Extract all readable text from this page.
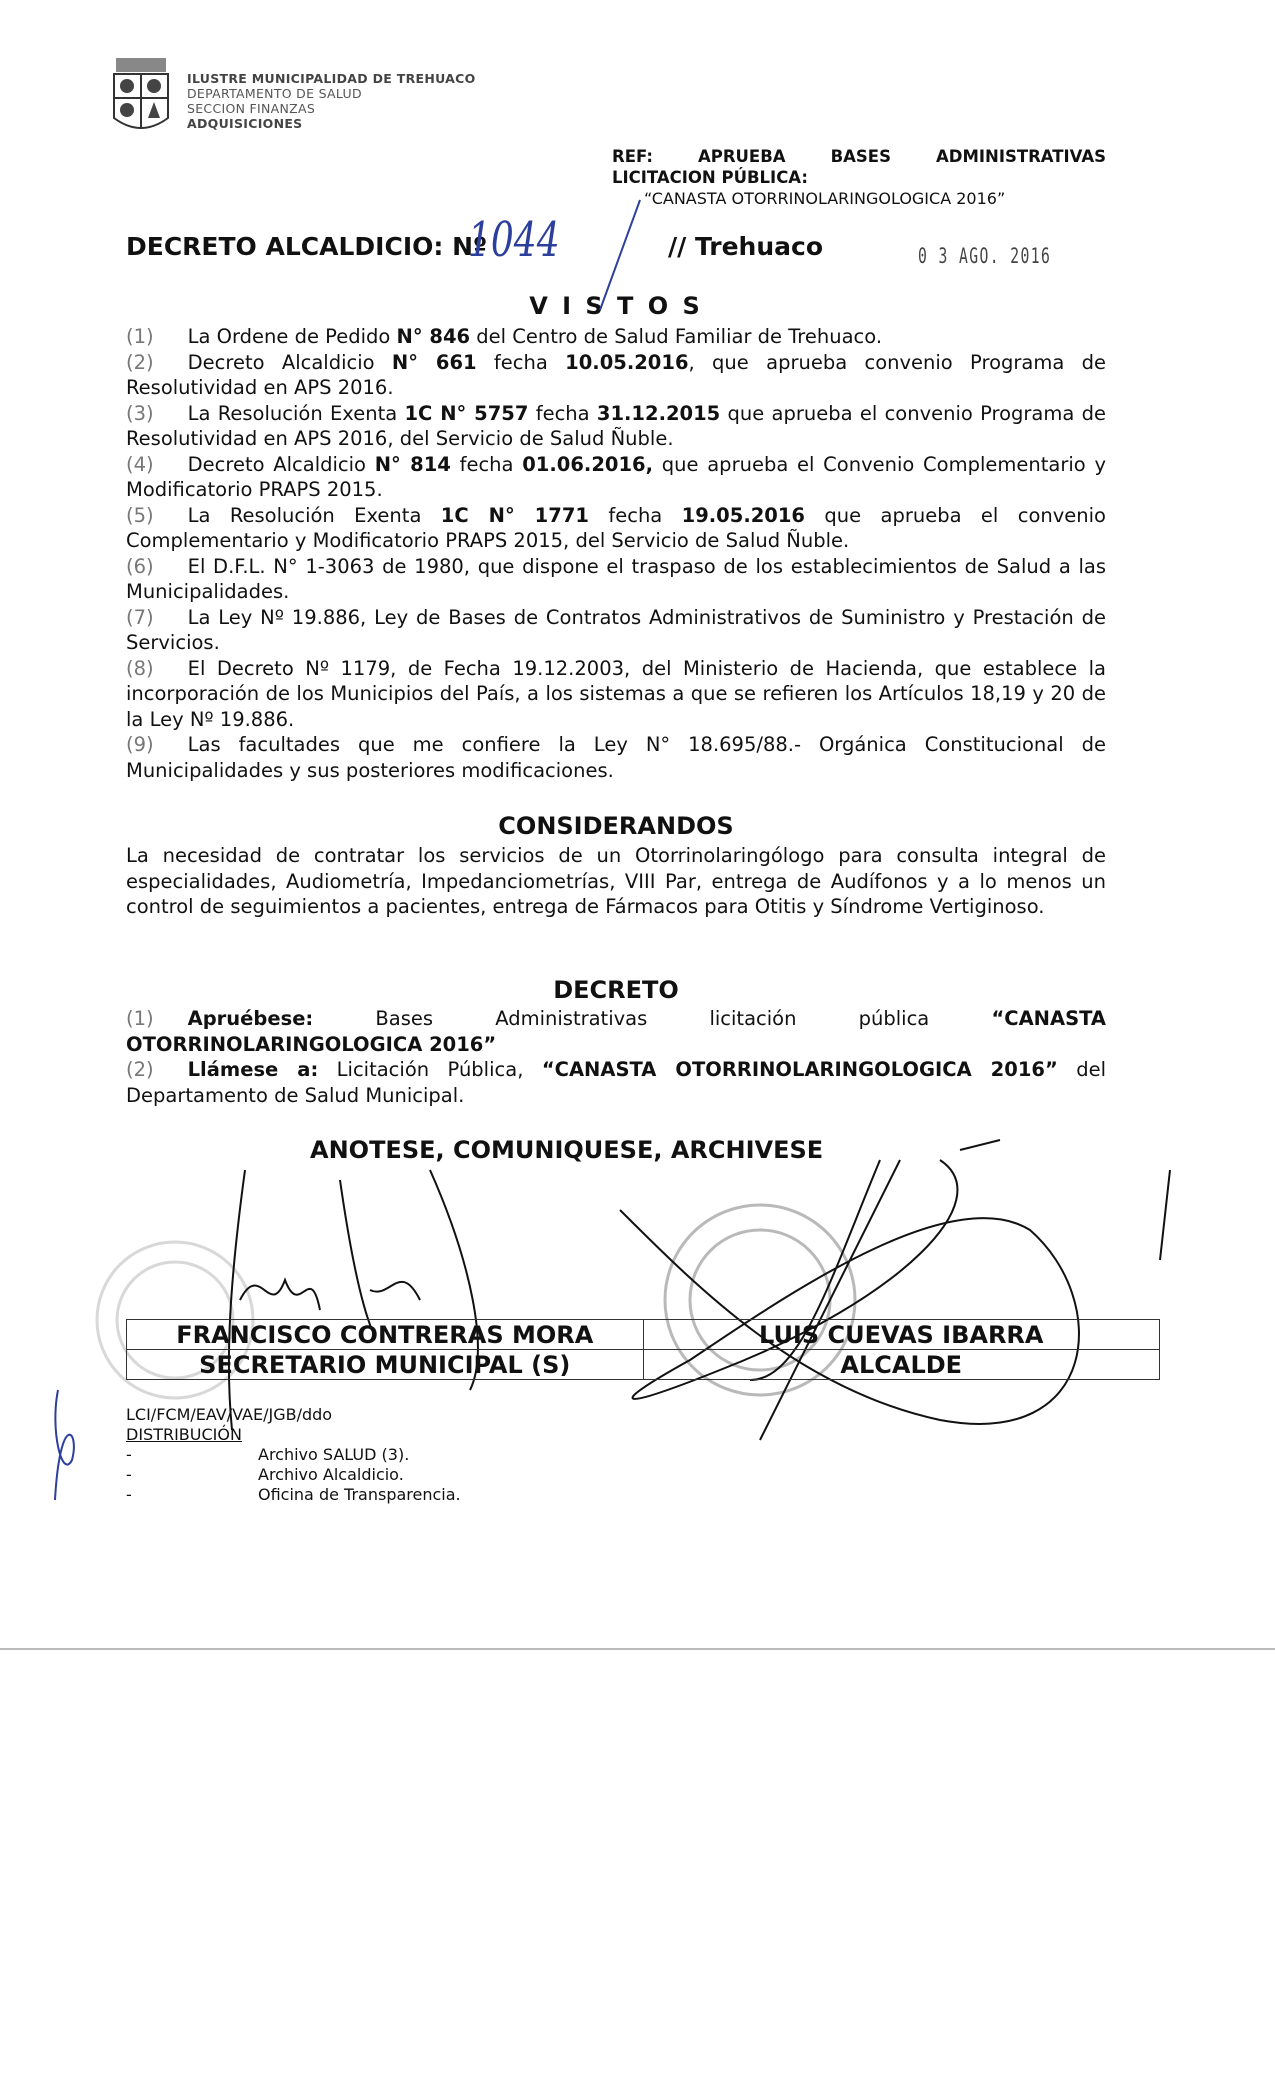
ILUSTRE MUNICIPALIDAD DE TREHUACO
DEPARTAMENTO DE SALUD
SECCION FINANZAS
ADQUISICIONES
REF:	APRUEBA	BASES	ADMINISTRATIVAS
LICITACION PÚBLICA:
“CANASTA OTORRINOLARINGOLOGICA 2016”
DECRETO ALCALDICIO: Nº
1044	// Trehuaco	0 3 AGO. 2016
V I S T O S

(1) La Ordene de Pedido N° 846 del Centro de Salud Familiar de Trehuaco.

(2) Decreto Alcaldicio N° 661 fecha 10.05.2016, que aprueba convenio Programa de Resolutividad en APS 2016.

(3) La Resolución Exenta 1C N° 5757 fecha 31.12.2015 que aprueba el convenio Programa de Resolutividad en APS 2016, del Servicio de Salud Ñuble.

(4) Decreto Alcaldicio N° 814 fecha 01.06.2016, que aprueba el Convenio Complementario y Modificatorio PRAPS 2015.

(5) La Resolución Exenta 1C N° 1771 fecha 19.05.2016 que aprueba el convenio Complementario y Modificatorio PRAPS 2015, del Servicio de Salud Ñuble.

(6) El D.F.L. N° 1-3063 de 1980, que dispone el traspaso de los establecimientos de Salud a las Municipalidades.

(7) La Ley Nº 19.886, Ley de Bases de Contratos Administrativos de Suministro y Prestación de Servicios.

(8) El Decreto Nº 1179, de Fecha 19.12.2003, del Ministerio de Hacienda, que establece la incorporación de los Municipios del País, a los sistemas a que se refieren los Artículos 18,19 y 20 de la Ley Nº 19.886.

(9) Las facultades que me confiere la Ley N° 18.695/88.- Orgánica Constitucional de Municipalidades y sus posteriores modificaciones.

CONSIDERANDOS

La necesidad de contratar los servicios de un Otorrinolaringólogo para consulta integral de especialidades, Audiometría, Impedanciometrías, VIII Par, entrega de Audífonos y a lo menos un control de seguimientos a pacientes, entrega de Fármacos para Otitis y Síndrome Vertiginoso.

DECRETO

(1) Apruébese: Bases Administrativas licitación pública “CANASTA OTORRINOLARINGOLOGICA 2016”

(2) Llámese a: Licitación Pública, “CANASTA OTORRINOLARINGOLOGICA 2016” del Departamento de Salud Municipal.

ANOTESE, COMUNIQUESE, ARCHIVESE
FRANCISCO CONTRERAS MORA	LUIS CUEVAS IBARRA
SECRETARIO MUNICIPAL (S)	ALCALDE
LCI/FCM/EAV/VAE/JGB/ddo
DISTRIBUCIÓN
-	Archivo SALUD (3).
-	Archivo Alcaldicio.
-	Oficina de Transparencia.
